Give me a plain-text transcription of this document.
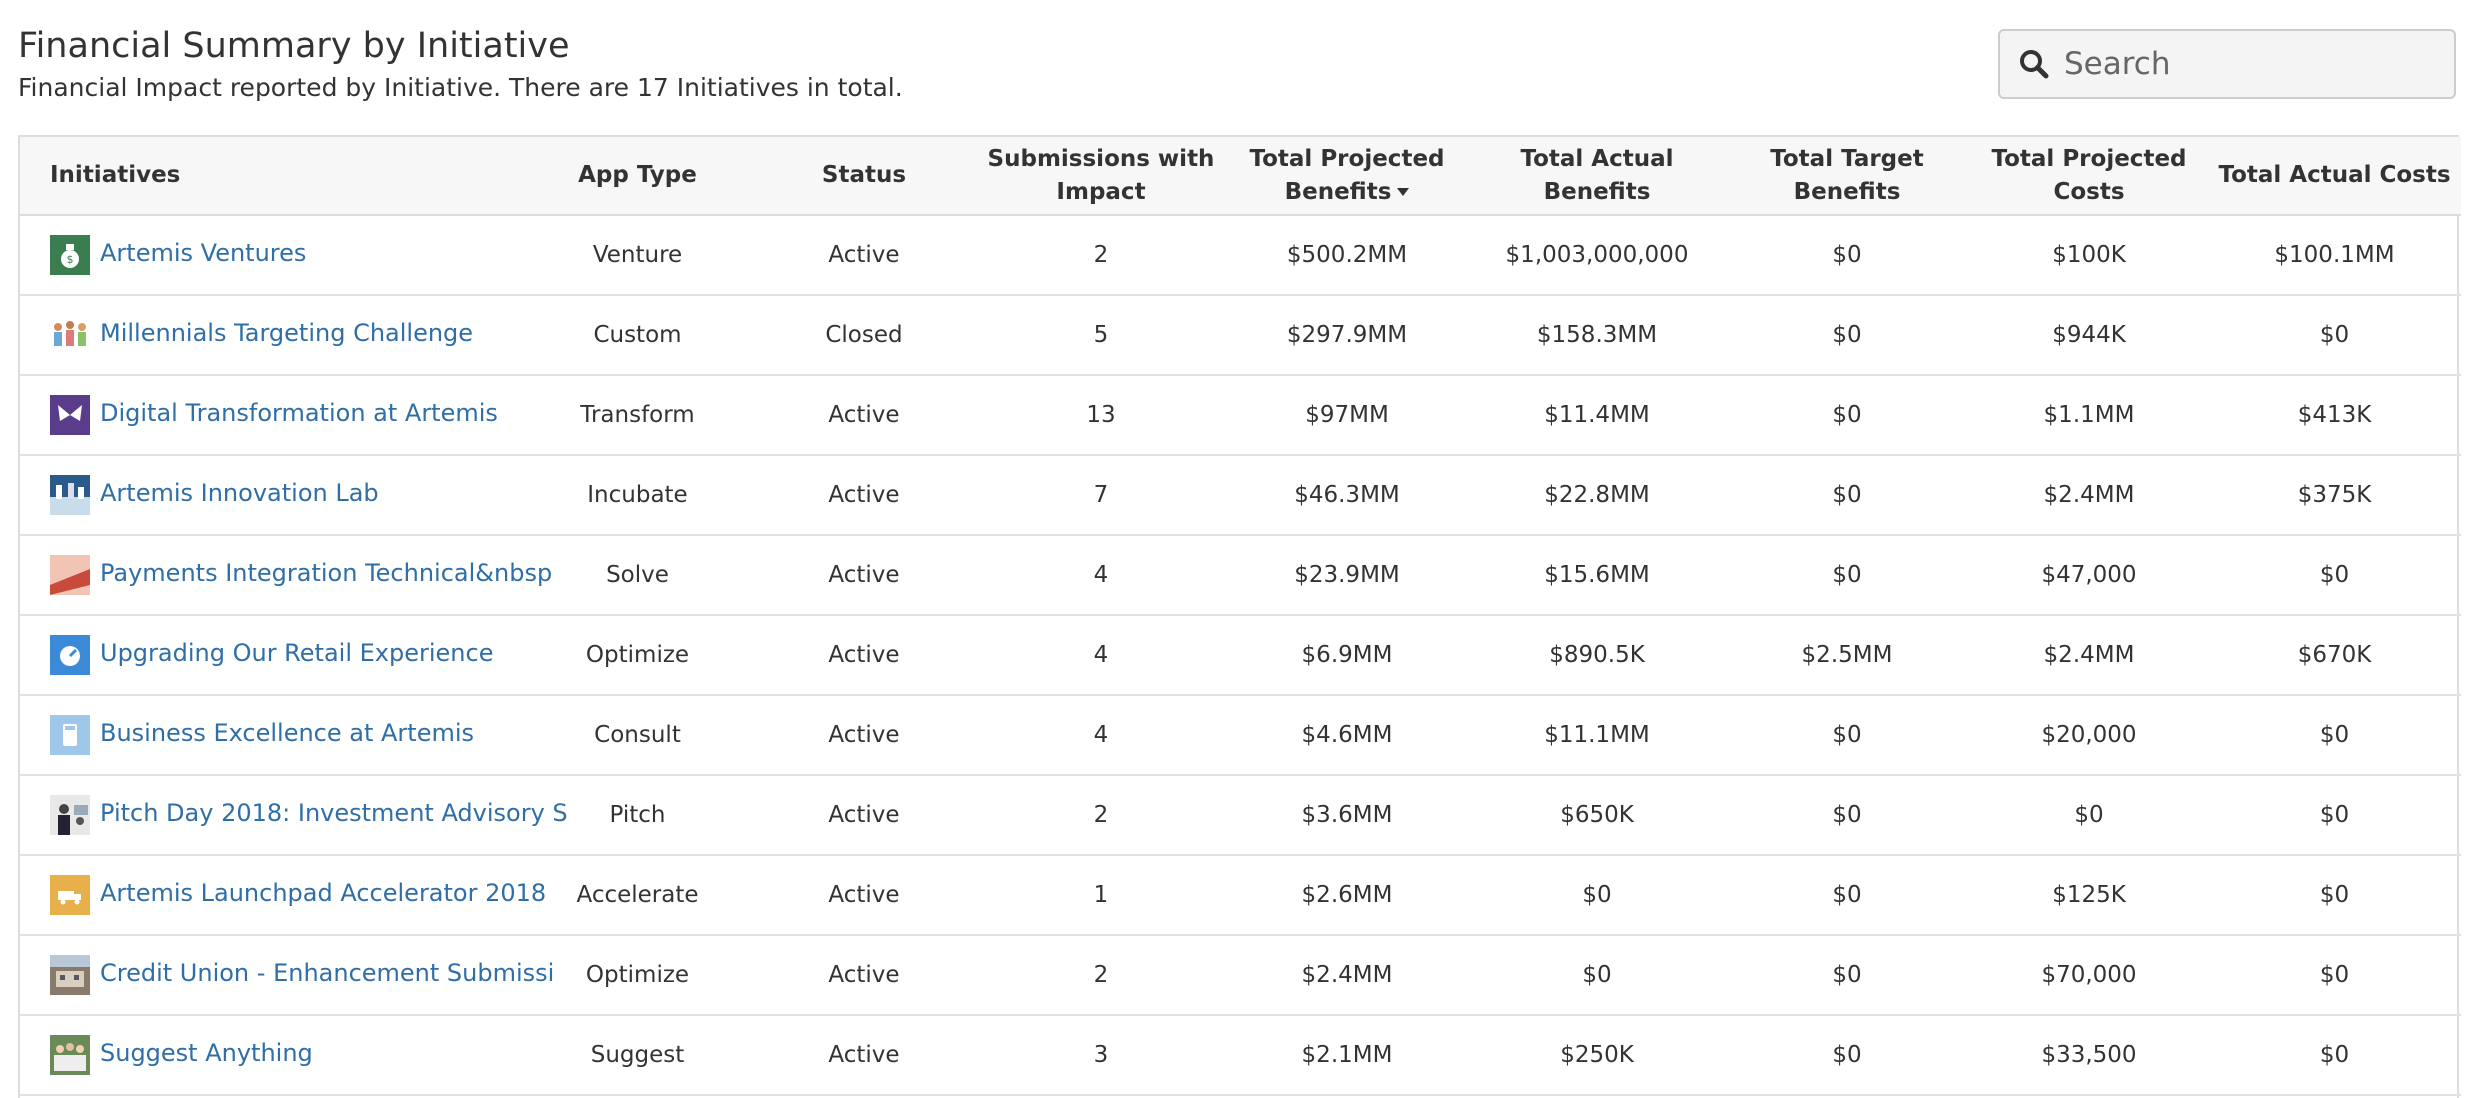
Financial Summary by Initiative
Financial Impact reported by Initiative. There are 17 Initiatives in total.
Search
Initiatives	App Type	Status	Submissions with Impact	Total Projected Benefits	Total Actual Benefits	Total Target Benefits	Total Projected Costs	Total Actual Costs

$ Artemis Ventures	Venture	Active	2	$500.2MM	$1,003,000,000	$0	$100K	$100.1MM

Millennials Targeting Challenge	Custom	Closed	5	$297.9MM	$158.3MM	$0	$944K	$0

Digital Transformation at Artemis	Transform	Active	13	$97MM	$11.4MM	$0	$1.1MM	$413K

Artemis Innovation Lab	Incubate	Active	7	$46.3MM	$22.8MM	$0	$2.4MM	$375K

Payments Integration Technical&nbsp	Solve	Active	4	$23.9MM	$15.6MM	$0	$47,000	$0

Upgrading Our Retail Experience	Optimize	Active	4	$6.9MM	$890.5K	$2.5MM	$2.4MM	$670K

Business Excellence at Artemis	Consult	Active	4	$4.6MM	$11.1MM	$0	$20,000	$0

Pitch Day 2018: Investment Advisory S	Pitch	Active	2	$3.6MM	$650K	$0	$0	$0

Artemis Launchpad Accelerator 2018	Accelerate	Active	1	$2.6MM	$0	$0	$125K	$0

Credit Union - Enhancement Submissi	Optimize	Active	2	$2.4MM	$0	$0	$70,000	$0

Suggest Anything	Suggest	Active	3	$2.1MM	$250K	$0	$33,500	$0
